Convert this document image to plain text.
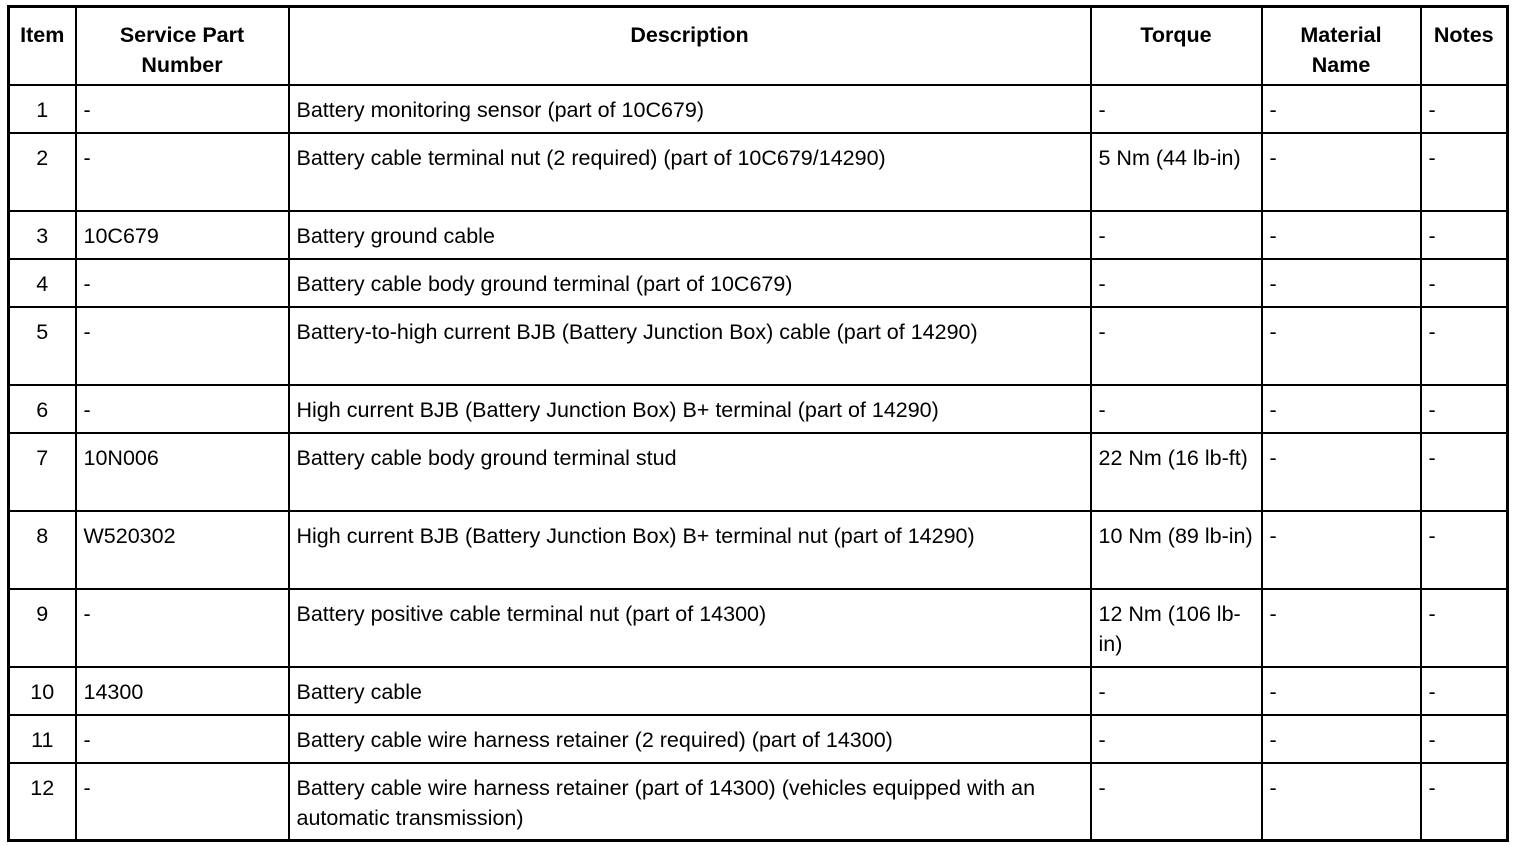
Item	Service Part Number	Description	Torque	Material Name	Notes
1	-	Battery monitoring sensor (part of 10C679)	-	-	-
2	-	Battery cable terminal nut (2 required) (part of 10C679/14290)	5 Nm (44 lb-in)	-	-
3	10C679	Battery ground cable	-	-	-
4	-	Battery cable body ground terminal (part of 10C679)	-	-	-
5	-	Battery-to-high current BJB (Battery Junction Box) cable (part of 14290)	-	-	-
6	-	High current BJB (Battery Junction Box) B+ terminal (part of 14290)	-	-	-
7	10N006	Battery cable body ground terminal stud	22 Nm (16 lb-ft)	-	-
8	W520302	High current BJB (Battery Junction Box) B+ terminal nut (part of 14290)	10 Nm (89 lb-in)	-	-
9	-	Battery positive cable terminal nut (part of 14300)	12 Nm (106 lb-in)	-	-
10	14300	Battery cable	-	-	-
11	-	Battery cable wire harness retainer (2 required) (part of 14300)	-	-	-
12	-	Battery cable wire harness retainer (part of 14300) (vehicles equipped with an automatic transmission)	-	-	-
